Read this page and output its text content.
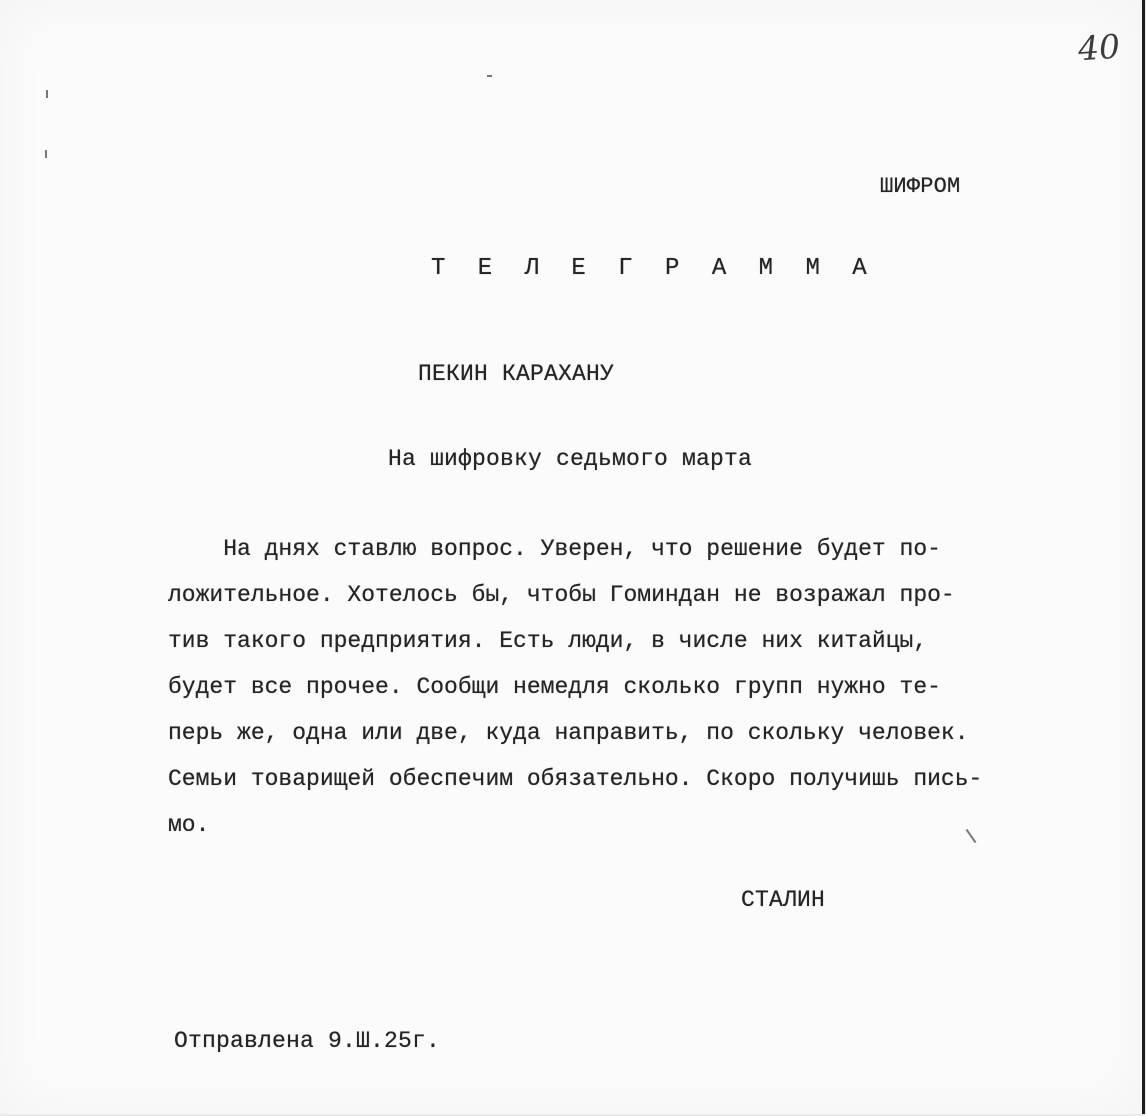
40
ШИФРОМ
Т Е Л Е Г Р А М М А
ПЕКИН КАРАХАНУ
На шифровку седьмого марта
На днях ставлю вопрос. Уверен, что решение будет по-
ложительное. Хотелось бы, чтобы Гоминдан не возражал про-
тив такого предприятия. Есть люди, в числе них китайцы,
будет все прочее. Сообщи немедля сколько групп нужно те-
перь же, одна или две, куда направить, по скольку человек.
Семьи товарищей обеспечим обязательно. Скоро получишь пись-
мо.
СТАЛИН
Отправлена 9.Ш.25г.
